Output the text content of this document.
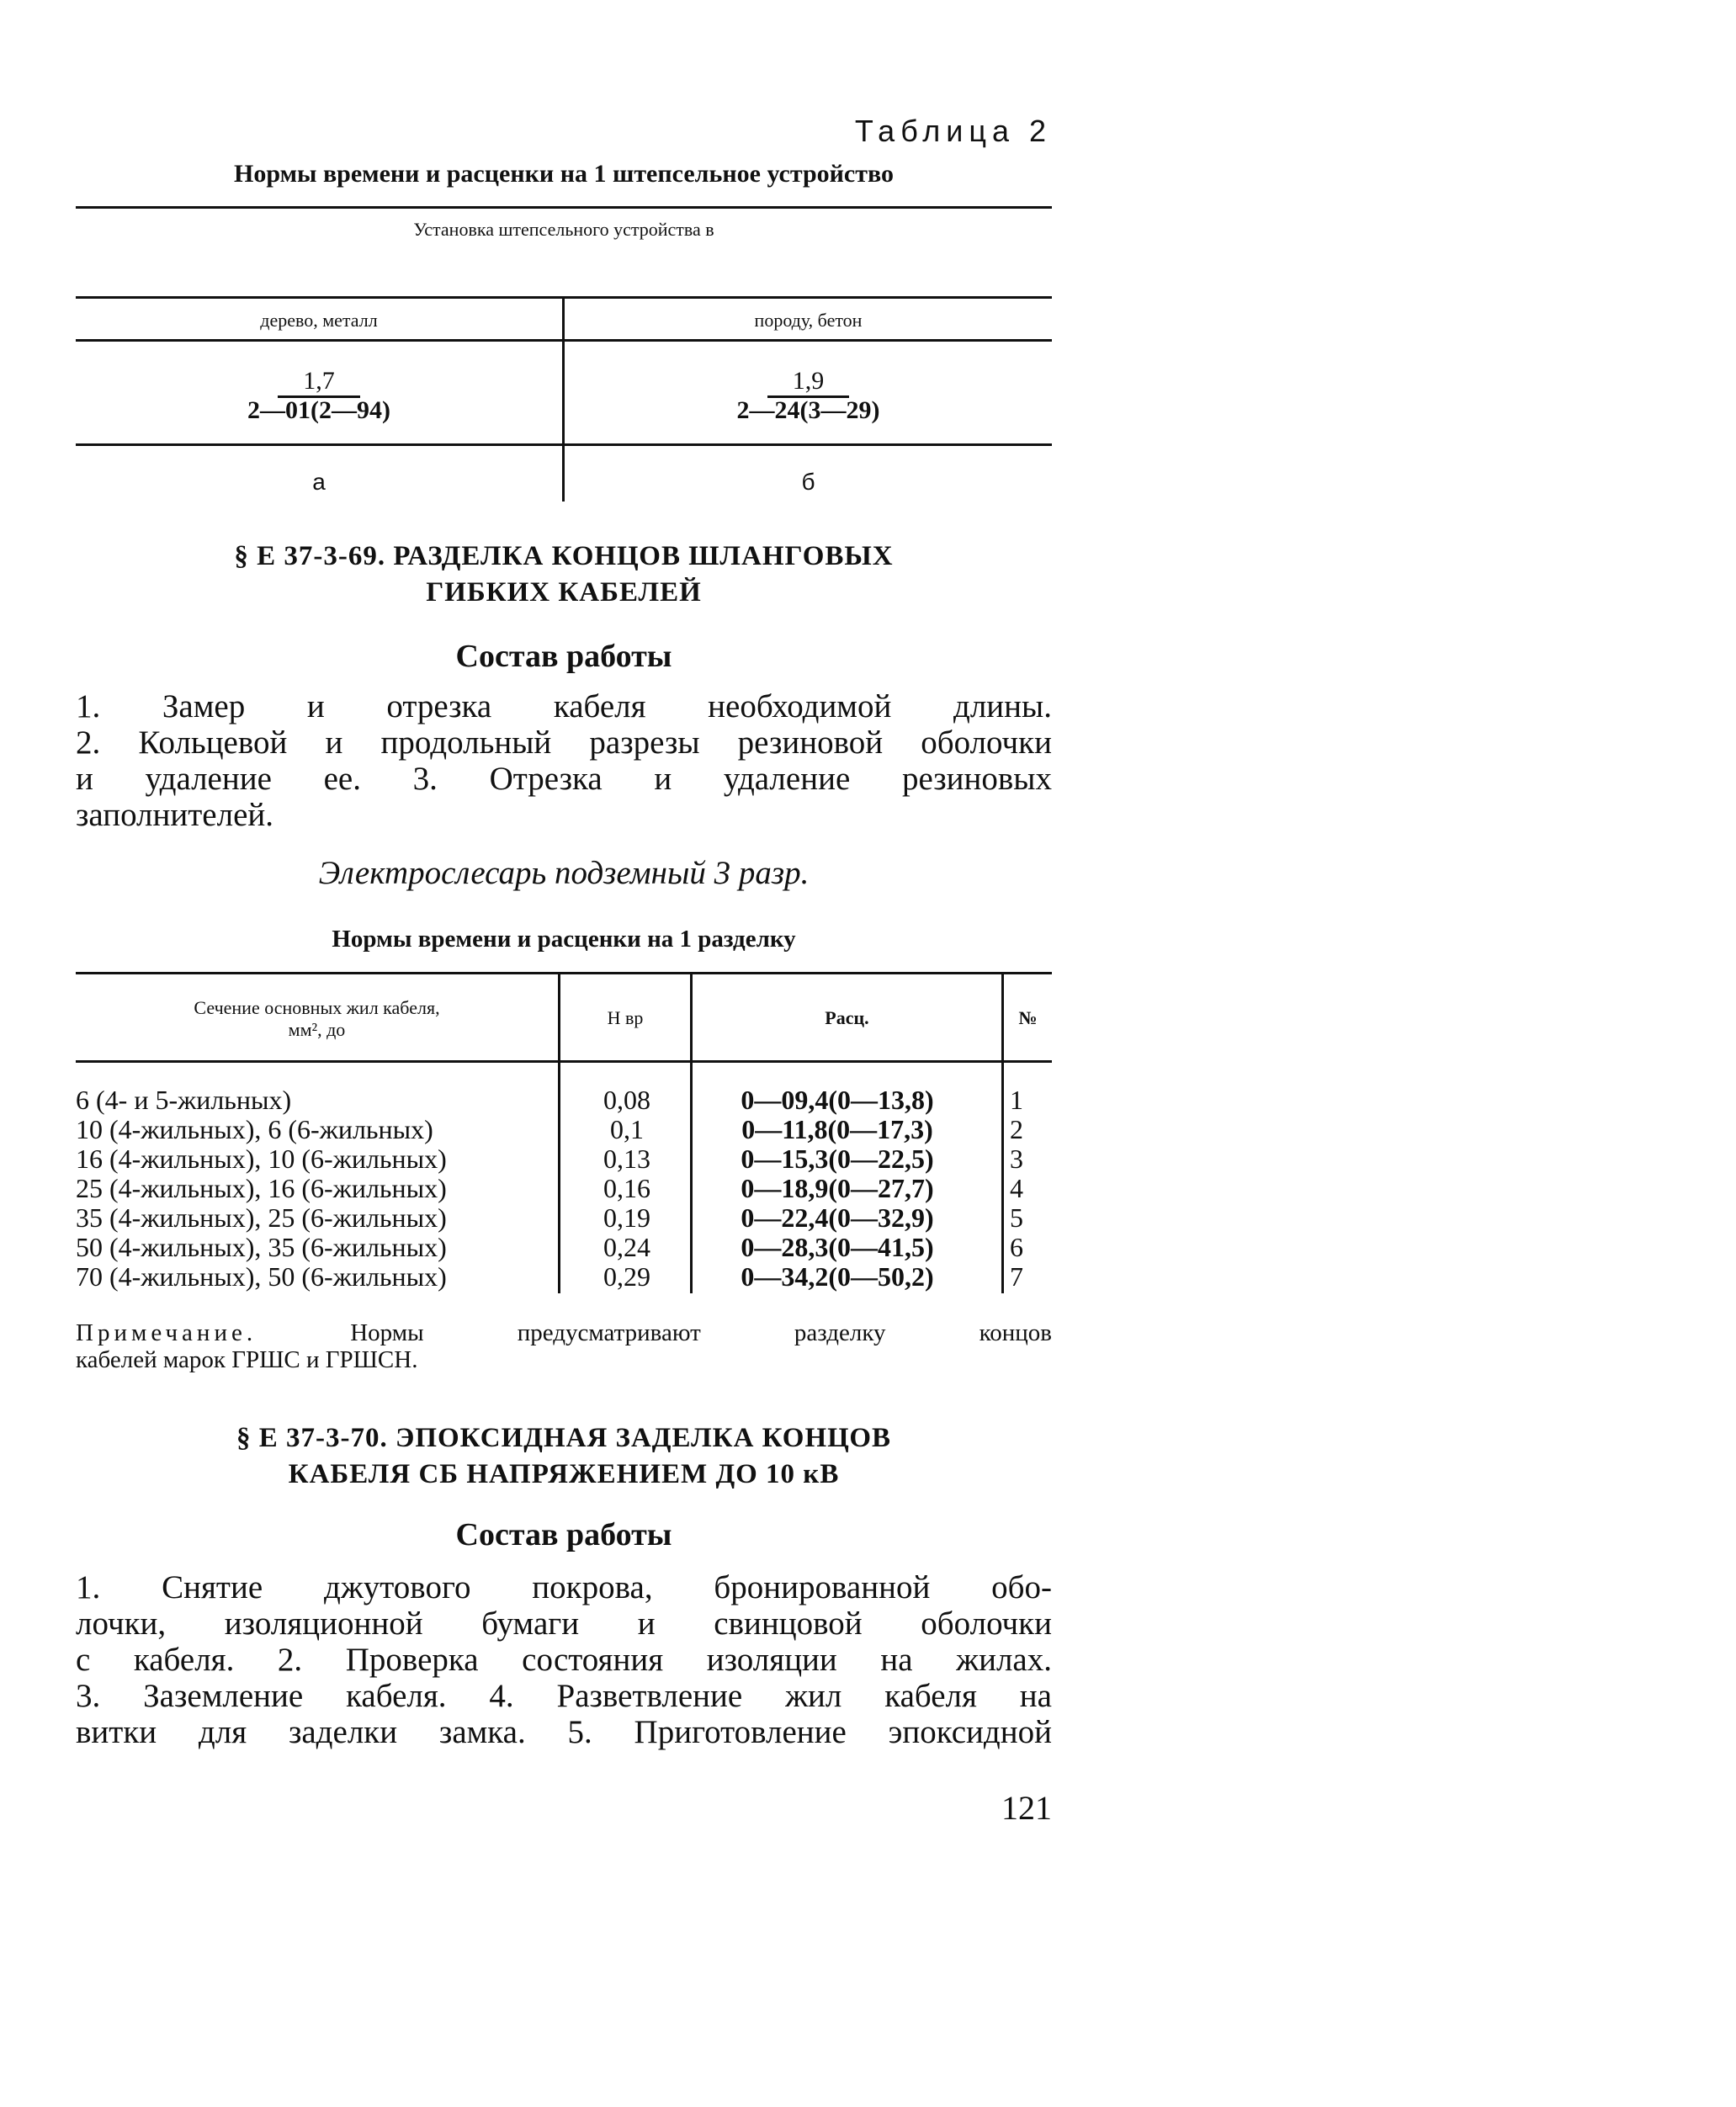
Таблица 2
Нормы времени и расценки на 1 штепсельное устройство
Установка штепсельного устройства в
дерево, металл	породу, бетон
$\frac{1,7}{2—01(2—94)} \frac{1,9}{2—24(3—29)}$
а	б
§ Е 37-3-69. РАЗДЕЛКА КОНЦОВ ШЛАНГОВЫХ
ГИБКИХ КАБЕЛЕЙ
Состав работы
1. Замер и отрезка кабеля необходимой длины.
2. Кольцевой и продольный разрезы резиновой оболочки
и удаление ее. 3. Отрезка и удаление резиновых
заполнителей.
Электрослесарь подземный 3 разр.
Нормы времени и расценки на 1 разделку
Сечение основных жил кабеля,
мм², до
Н вр	Расц.	№
6 (4- и 5-жильных)	0,08	0—09,4(0—13,8)	1
10 (4-жильных), 6 (6-жильных)	0,1	0—11,8(0—17,3)	2
16 (4-жильных), 10 (6-жильных)	0,13	0—15,3(0—22,5)	3
25 (4-жильных), 16 (6-жильных)	0,16	0—18,9(0—27,7)	4
35 (4-жильных), 25 (6-жильных)	0,19	0—22,4(0—32,9)	5
50 (4-жильных), 35 (6-жильных)	0,24	0—28,3(0—41,5)	6
70 (4-жильных), 50 (6-жильных)	0,29	0—34,2(0—50,2)	7
Примечание.	Нормы предусматривают разделку концов
кабелей марок ГРШС и ГРШСН.
§ Е 37-3-70. ЭПОКСИДНАЯ ЗАДЕЛКА КОНЦОВ
КАБЕЛЯ СБ НАПРЯЖЕНИЕМ ДО 10 кВ
Состав работы
1. Снятие джутового покрова, бронированной обо-
лочки, изоляционной бумаги и свинцовой оболочки
с кабеля. 2. Проверка состояния изоляции на жилах.
3. Заземление кабеля. 4. Разветвление жил кабеля на
витки для заделки замка. 5. Приготовление эпоксидной
121
